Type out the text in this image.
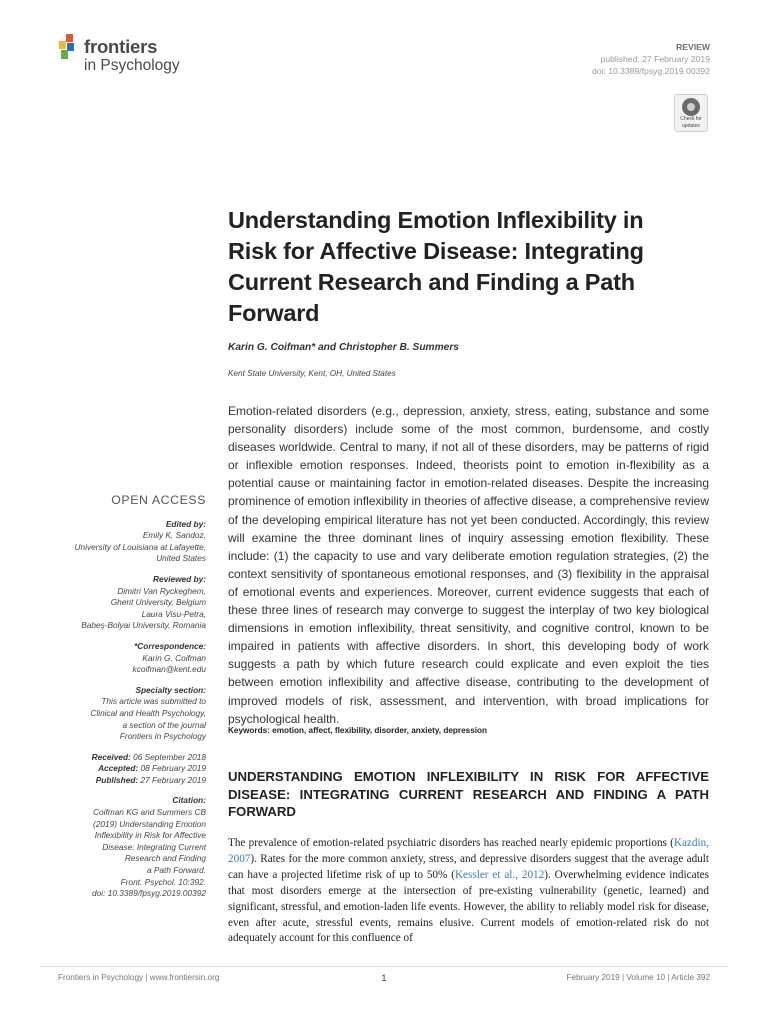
frontiers
in Psychology
REVIEW
published: 27 February 2019
doi: 10.3389/fpsyg.2019.00392
Check for
updates
Understanding Emotion Inflexibility in Risk for Affective Disease: Integrating Current Research and Finding a Path Forward
Karin G. Coifman* and Christopher B. Summers
Kent State University, Kent, OH, United States

Emotion-related disorders (e.g., depression, anxiety, stress, eating, substance and some personality disorders) include some of the most common, burdensome, and costly diseases worldwide. Central to many, if not all of these disorders, may be patterns of rigid or inflexible emotion responses. Indeed, theorists point to emotion in-flexibility as a potential cause or maintaining factor in emotion-related diseases. Despite the increasing prominence of emotion inflexibility in theories of affective disease, a comprehensive review of the developing empirical literature has not yet been conducted. Accordingly, this review will examine the three dominant lines of inquiry assessing emotion flexibility. These include: (1) the capacity to use and vary deliberate emotion regulation strategies, (2) the context sensitivity of spontaneous emotional responses, and (3) flexibility in the appraisal of emotional events and experiences. Moreover, current evidence suggests that each of these three lines of research may converge to suggest the interplay of two key biological dimensions in emotion inflexibility, threat sensitivity, and cognitive control, known to be impaired in patients with affective disorders. In short, this developing body of work suggests a path by which future research could explicate and even exploit the ties between emotion inflexibility and affective disease, contributing to the development of improved models of risk, assessment, and intervention, with broad implications for psychological health.

Keywords: emotion, affect, flexibility, disorder, anxiety, depression
UNDERSTANDING EMOTION INFLEXIBILITY IN RISK FOR AFFECTIVE DISEASE: INTEGRATING CURRENT RESEARCH AND FINDING A PATH FORWARD

The prevalence of emotion-related psychiatric disorders has reached nearly epidemic proportions (Kazdin, 2007). Rates for the more common anxiety, stress, and depressive disorders suggest that the average adult can have a projected lifetime risk of up to 50% (Kessler et al., 2012). Overwhelming evidence indicates that most disorders emerge at the intersection of pre-existing vulnerability (genetic, learned) and significant, stressful, and emotion-laden life events. However, the ability to reliably model risk for disease, even after acute, stressful events, remains elusive. Current models of emotion-related risk do not adequately account for this confluence of

OPEN ACCESS
Edited by:
Emily K. Sandoz,
University of Louisiana at Lafayette,
United States
Reviewed by:
Dimitri Van Ryckeghem,
Ghent University, Belgium
Laura Visu-Petra,
Babeş-Bolyai University, Romania
*Correspondence:
Karin G. Coifman
kcoifman@kent.edu
Specialty section:
This article was submitted to
Clinical and Health Psychology,
a section of the journal
Frontiers in Psychology
Received: 06 September 2018
Accepted: 08 February 2019
Published: 27 February 2019
Citation:
Coifman KG and Summers CB
(2019) Understanding Emotion
Inflexibility in Risk for Affective
Disease: Integrating Current
Research and Finding
a Path Forward.
Front. Psychol. 10:392.
doi: 10.3389/fpsyg.2019.00392
Frontiers in Psychology | www.frontiersin.org	1	February 2019 | Volume 10 | Article 392
